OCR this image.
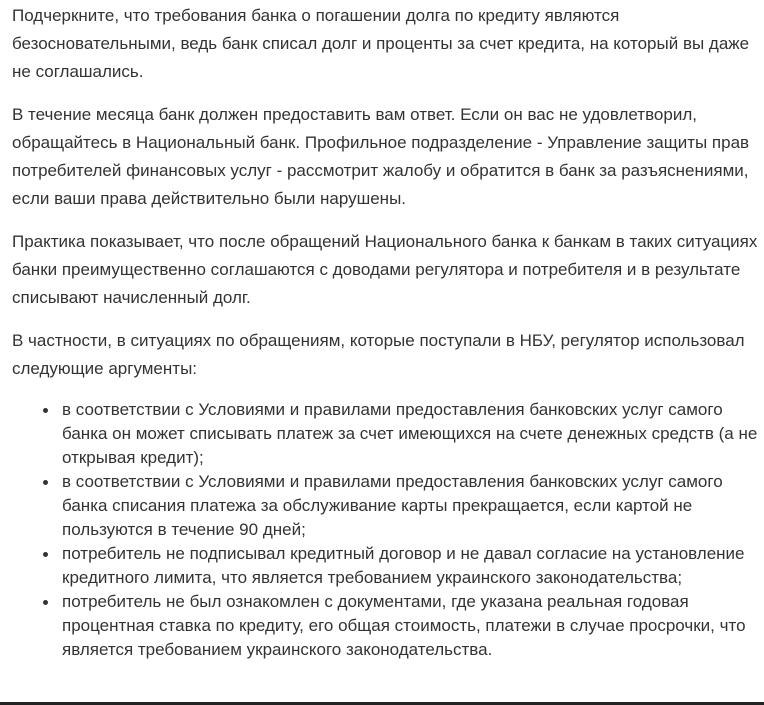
Подчеркните, что требования банка о погашении долга по кредиту являются безосновательными, ведь банк списал долг и проценты за счет кредита, на который вы даже не соглашались.

В течение месяца банк должен предоставить вам ответ. Если он вас не удовлетворил, обращайтесь в Национальный банк. Профильное подразделение - Управление защиты прав потребителей финансовых услуг - рассмотрит жалобу и обратится в банк за разъяснениями, если ваши права действительно были нарушены.

Практика показывает, что после обращений Национального банка к банкам в таких ситуациях банки преимущественно соглашаются с доводами регулятора и потребителя и в результате списывают начисленный долг.

В частности, в ситуациях по обращениям, которые поступали в НБУ, регулятор использовал следующие аргументы:

в соответствии с Условиями и правилами предоставления банковских услуг самого банка он может списывать платеж за счет имеющихся на счете денежных средств (а не открывая кредит);
в соответствии с Условиями и правилами предоставления банковских услуг самого банка списания платежа за обслуживание карты прекращается, если картой не пользуются в течение 90 дней;
потребитель не подписывал кредитный договор и не давал согласие на установление кредитного лимита, что является требованием украинского законодательства;
потребитель не был ознакомлен с документами, где указана реальная годовая процентная ставка по кредиту, его общая стоимость, платежи в случае просрочки, что является требованием украинского законодательства.
